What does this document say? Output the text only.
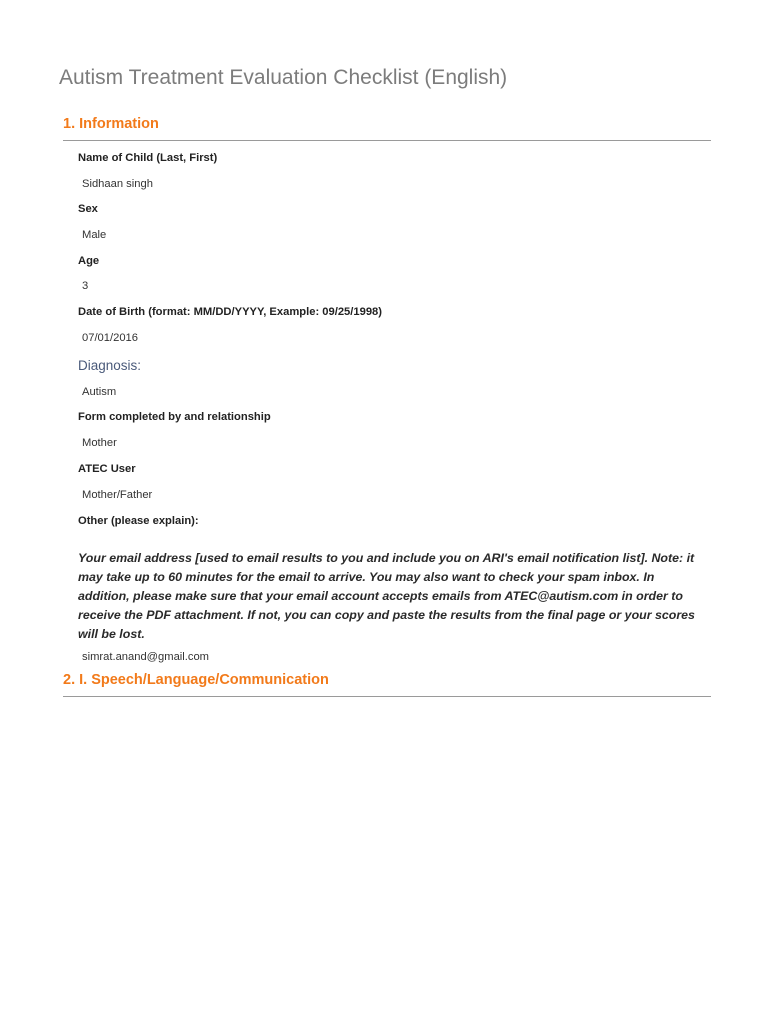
Autism Treatment Evaluation Checklist (English)
1. Information
Name of Child (Last, First)
Sidhaan singh
Sex
Male
Age
3
Date of Birth (format: MM/DD/YYYY, Example: 09/25/1998)
07/01/2016
Diagnosis:
Autism
Form completed by and relationship
Mother
ATEC User
Mother/Father
Other (please explain):
Your email address [used to email results to you and include you on ARI's email notification list]. Note: it may take up to 60 minutes for the email to arrive. You may also want to check your spam inbox. In addition, please make sure that your email account accepts emails from ATEC@autism.com in order to receive the PDF attachment. If not, you can copy and paste the results from the final page or your scores will be lost.
simrat.anand@gmail.com
2. I. Speech/Language/Communication
